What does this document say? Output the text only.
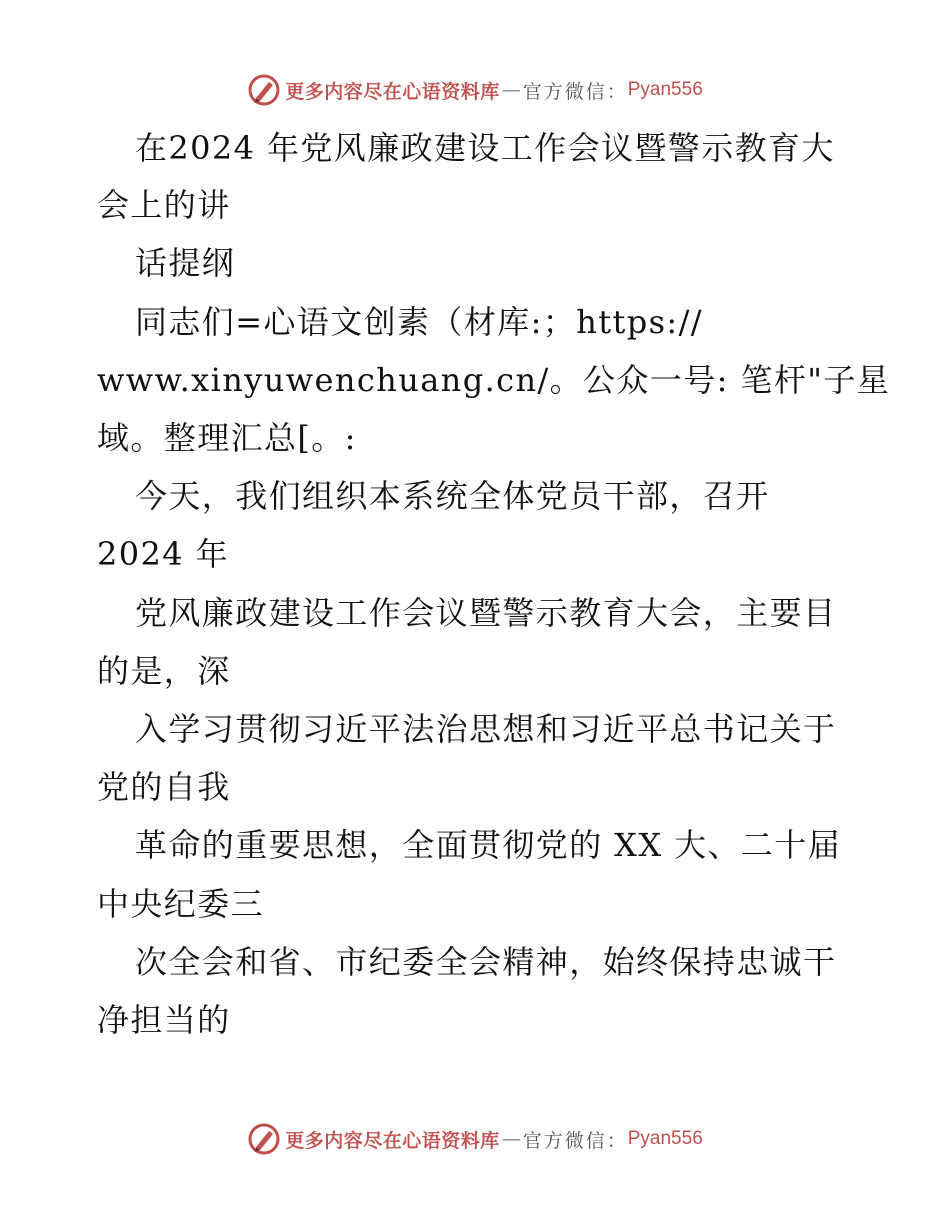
更多内容尽在心语资料库 — 官方微信： Pyan556
在2024 年党风廉政建设工作会议暨警示教育大
会上的讲
话提纲
同志们=心语文创素（材库:；https://
www.xinyuwenchuang.cn/。公众一号: 笔杆"子星
域。整理汇总[。:
今天，我们组织本系统全体党员干部，召开
2024 年
党风廉政建设工作会议暨警示教育大会，主要目
的是，深
入学习贯彻习近平法治思想和习近平总书记关于
党的自我
革命的重要思想，全面贯彻党的 XX 大、二十届
中央纪委三
次全会和省、市纪委全会精神，始终保持忠诚干
净担当的
更多内容尽在心语资料库 — 官方微信： Pyan556
